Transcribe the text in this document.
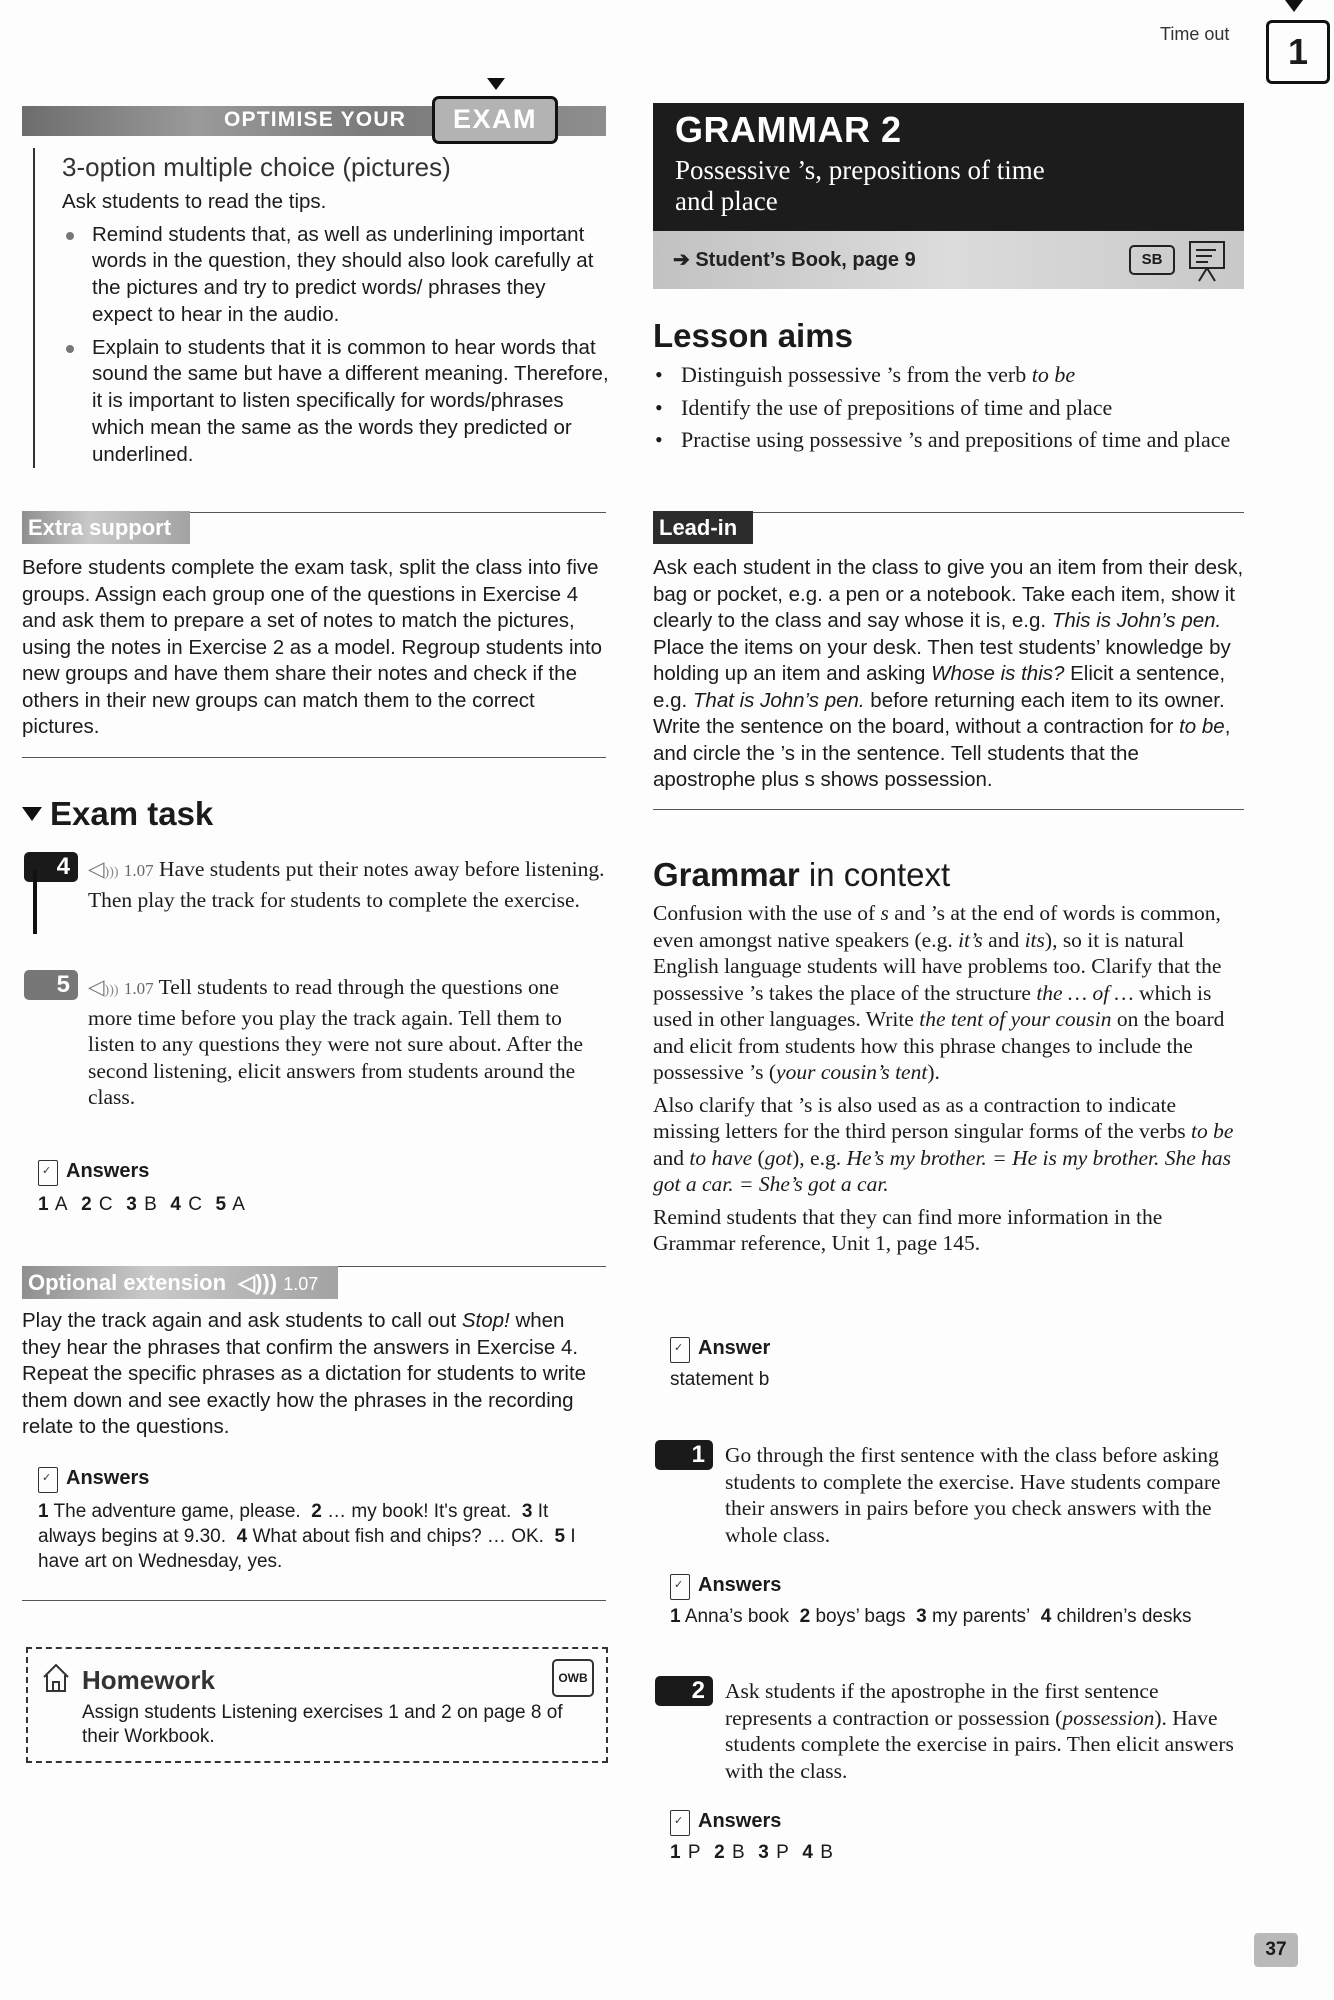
Time out	1
OPTIMISE YOUR	EXAM
3-option multiple choice (pictures)
Ask students to read the tips.
Remind students that, as well as underlining important words in the question, they should also look carefully at the pictures and try to predict words/ phrases they expect to hear in the audio.
Explain to students that it is common to hear words that sound the same but have a different meaning. Therefore, it is important to listen specifically for words/phrases which mean the same as the words they predicted or underlined.
Extra support

Before students complete the exam task, split the class into five groups. Assign each group one of the questions in Exercise 4 and ask them to prepare a set of notes to match the pictures, using the notes in Exercise 2 as a model. Regroup students into new groups and have them share their notes and check if the others in their new groups can match them to the correct pictures.

Exam task
4 ◁))) 1.07 Have students put their notes away before listening. Then play the track for students to complete the exercise.

5 ◁))) 1.07 Tell students to read through the questions one more time before you play the track again. Tell them to listen to any questions they were not sure about. After the second listening, elicit answers from students around the class.

✓Answers
1 A 2 C 3 B 4 C 5 A
Optional extension ◁))) 1.07

Play the track again and ask students to call out Stop! when they hear the phrases that confirm the answers in Exercise 4. Repeat the specific phrases as a dictation for students to write them down and see exactly how the phrases in the recording relate to the questions.

✓Answers
1 The adventure game, please. 2 … my book! It's great. 3 It always begins at 9.30. 4 What about fish and chips? … OK. 5 I have art on Wednesday, yes.
Homework	OWB
Assign students Listening exercises 1 and 2 on page 8 of their Workbook.
GRAMMAR 2
Possessive ’s, prepositions of time
and place
➔ Student’s Book, page 9	SB
Lesson aims
• Distinguish possessive ’s from the verb to be
• Identify the use of prepositions of time and place
• Practise using possessive ’s and prepositions of time and place
Lead-in

Ask each student in the class to give you an item from their desk, bag or pocket, e.g. a pen or a notebook. Take each item, show it clearly to the class and say whose it is, e.g. This is John’s pen. Place the items on your desk. Then test students’ knowledge by holding up an item and asking Whose is this? Elicit a sentence, e.g. That is John’s pen. before returning each item to its owner. Write the sentence on the board, without a contraction for to be, and circle the ’s in the sentence. Tell students that the apostrophe plus s shows possession.

Grammar in context

Confusion with the use of s and ’s at the end of words is common, even amongst native speakers (e.g. it’s and its), so it is natural English language students will have problems too. Clarify that the possessive ’s takes the place of the structure the … of … which is used in other languages. Write the tent of your cousin on the board and elicit from students how this phrase changes to include the possessive ’s (your cousin’s tent).

Also clarify that ’s is also used as as a contraction to indicate missing letters for the third person singular forms of the verbs to be and to have (got), e.g. He’s my brother. = He is my brother. She has got a car. = She’s got a car.

Remind students that they can find more information in the Grammar reference, Unit 1, page 145.

✓Answer
statement b
1 Go through the first sentence with the class before asking students to complete the exercise. Have students compare their answers in pairs before you check answers with the whole class.

✓Answers
1 Anna’s book 2 boys’ bags 3 my parents’ 4 children’s desks
2 Ask students if the apostrophe in the first sentence represents a contraction or possession (possession). Have students complete the exercise in pairs. Then elicit answers with the class.

✓Answers
1 P 2 B 3 P 4 B
37
